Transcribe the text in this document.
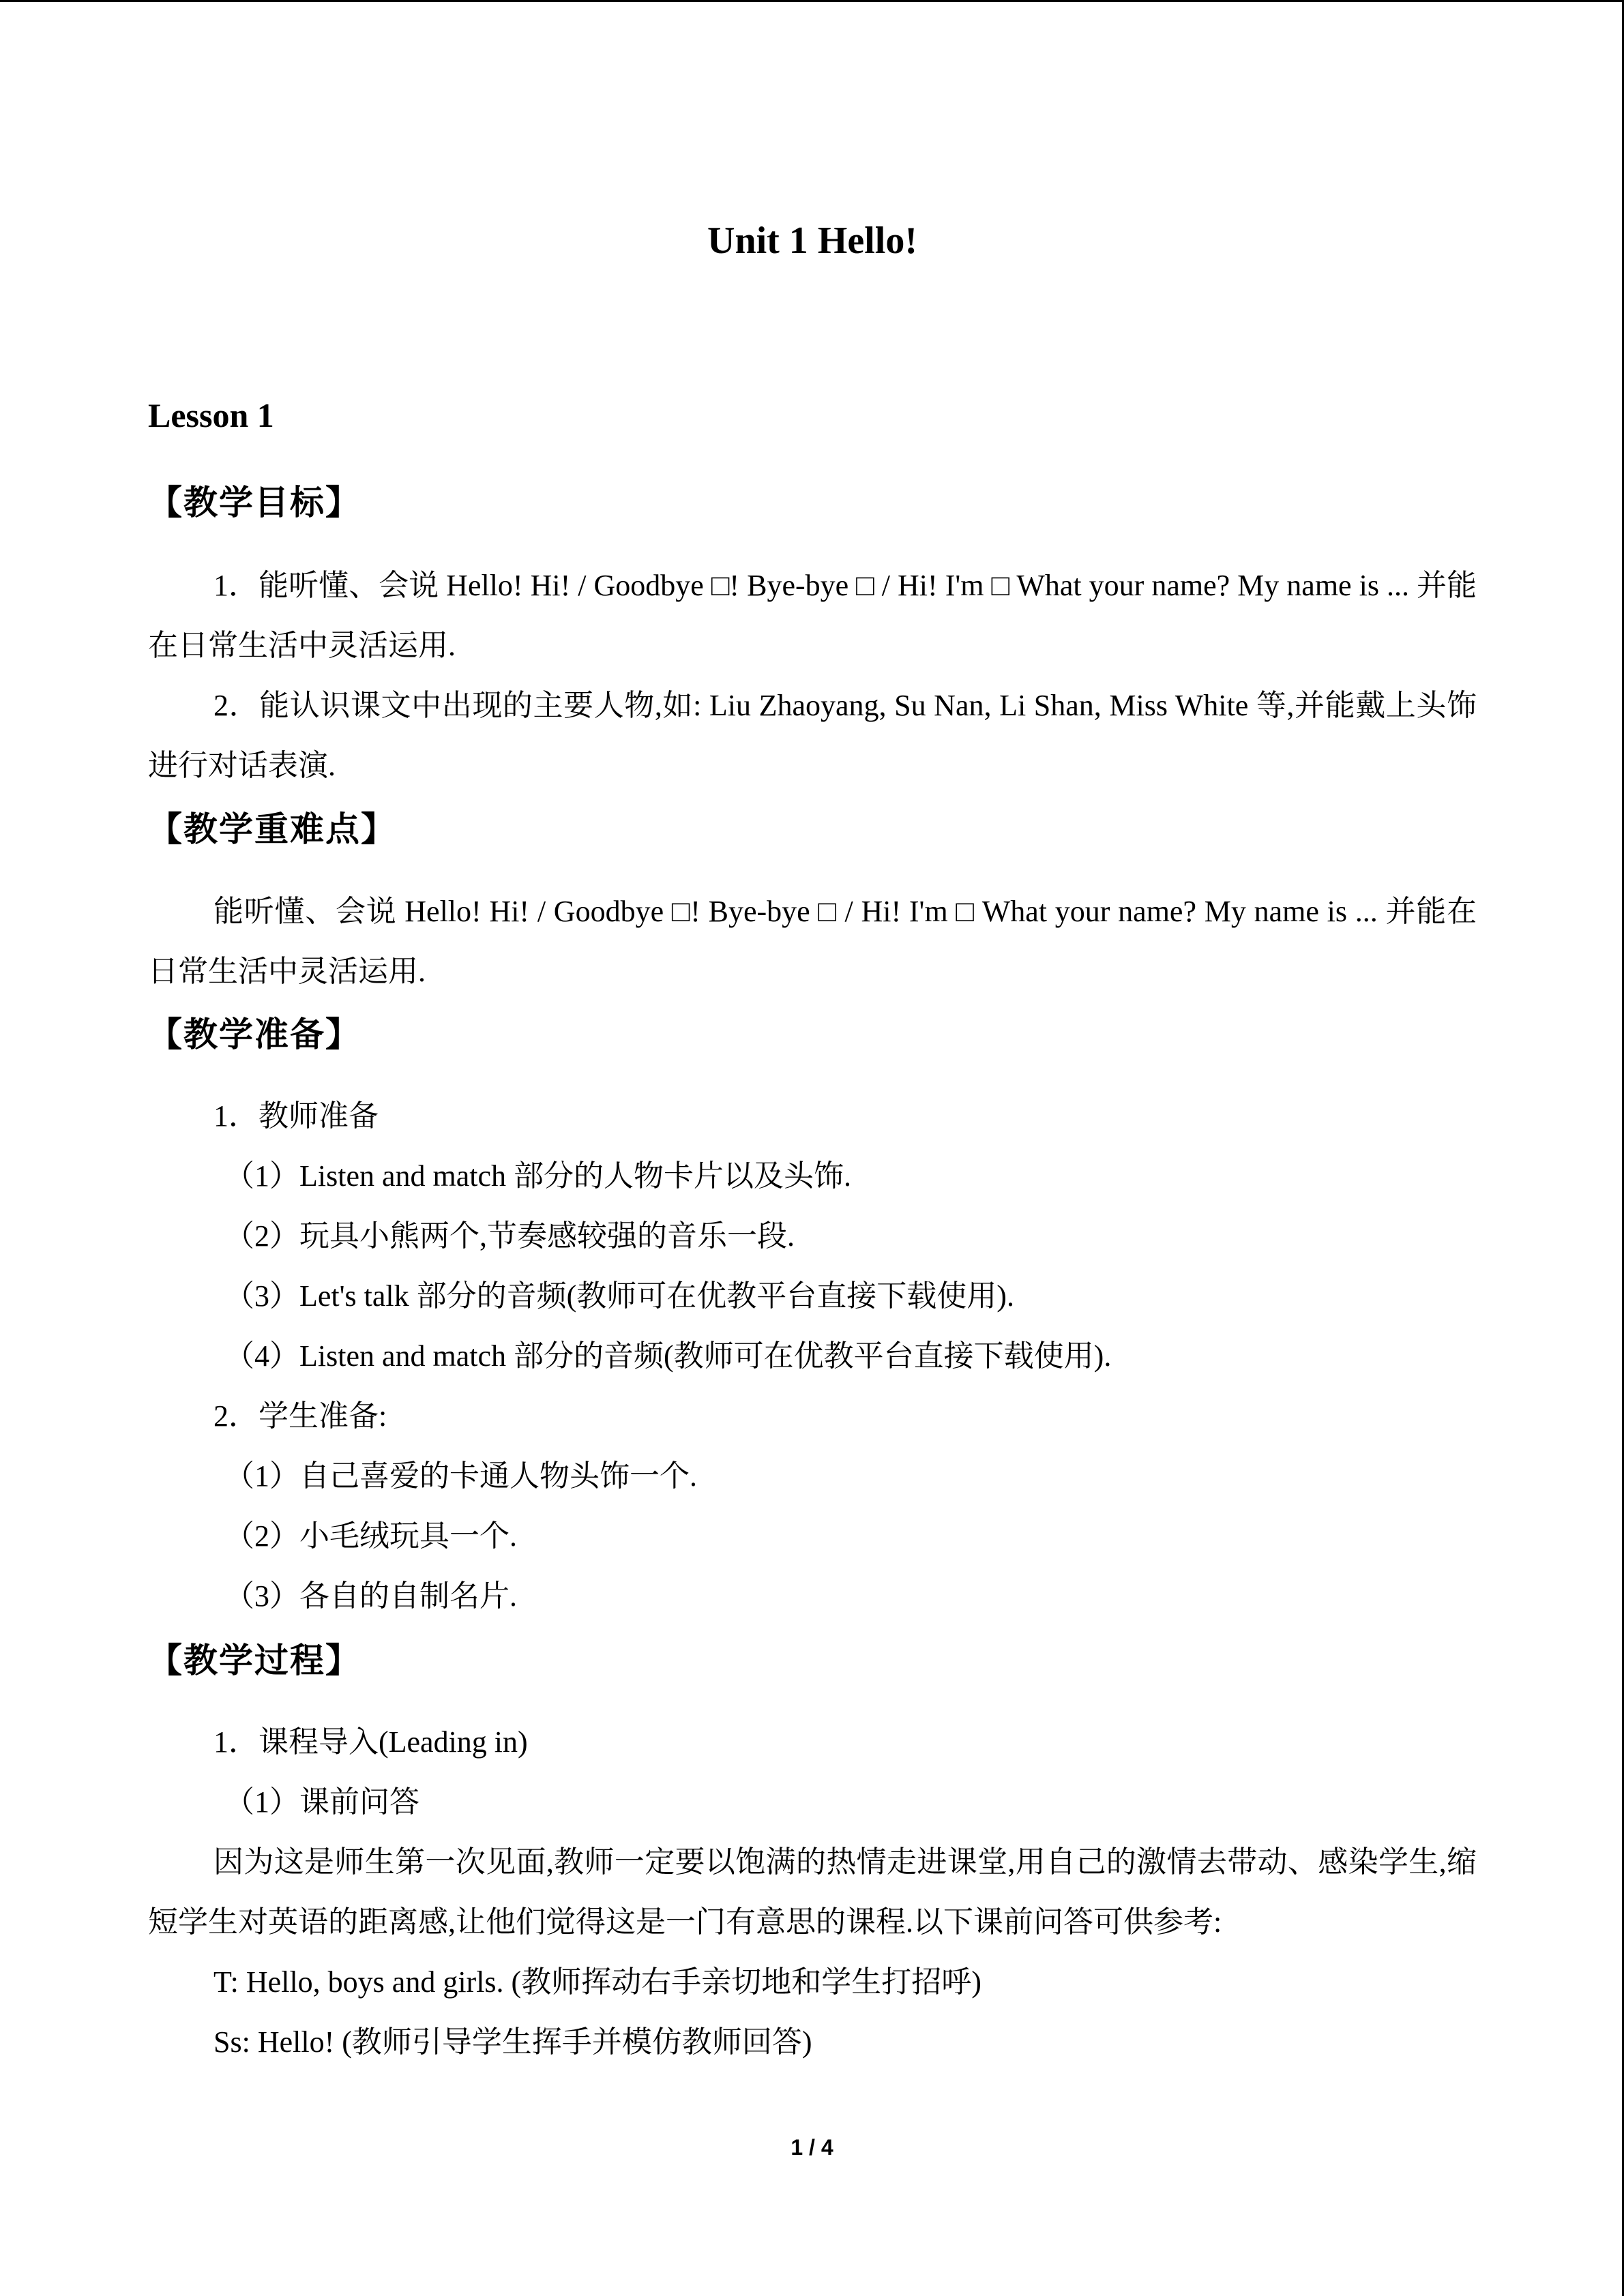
Unit 1 Hello!
Lesson 1
【教学目标】
1．能听懂、会说 Hello! Hi! / Goodbye □! Bye-bye □ / Hi! I'm □ What your name? My name is ... 并能在日常生活中灵活运用.
2．能认识课文中出现的主要人物,如: Liu Zhaoyang, Su Nan, Li Shan, Miss White 等,并能戴上头饰进行对话表演.
【教学重难点】
能听懂、会说 Hello! Hi! / Goodbye □! Bye-bye □ / Hi! I'm □ What your name? My name is ... 并能在日常生活中灵活运用.
【教学准备】
1．教师准备
（1）Listen and match 部分的人物卡片以及头饰.
（2）玩具小熊两个,节奏感较强的音乐一段.
（3）Let's talk 部分的音频(教师可在优教平台直接下载使用).
（4）Listen and match 部分的音频(教师可在优教平台直接下载使用).
2．学生准备:
（1）自己喜爱的卡通人物头饰一个.
（2）小毛绒玩具一个.
（3）各自的自制名片.
【教学过程】
1．课程导入(Leading in)
（1）课前问答
因为这是师生第一次见面,教师一定要以饱满的热情走进课堂,用自己的激情去带动、感染学生,缩短学生对英语的距离感,让他们觉得这是一门有意思的课程.以下课前问答可供参考:
T: Hello, boys and girls. (教师挥动右手亲切地和学生打招呼)
Ss: Hello! (教师引导学生挥手并模仿教师回答)
1 / 4
